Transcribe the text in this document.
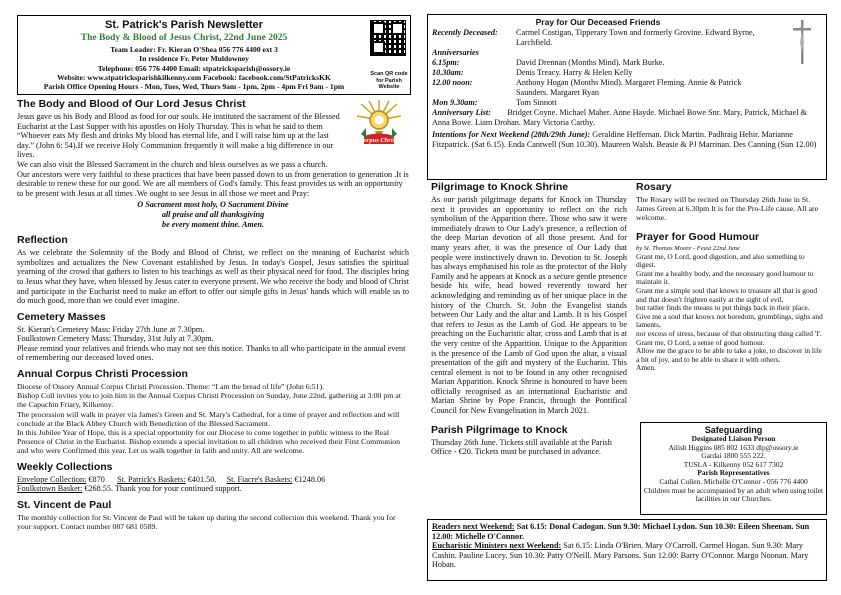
St. Patrick's Parish Newsletter
The Body & Blood of Jesus Christ, 22nd June 2025
Team Leader: Fr. Kieran O'Shea 056 776 4400 ext 3
In residence Fr. Peter Muldowney
Telephone: 056 776 4400 Email: stpatricksparish@ossory.ie
Website: www.stpatricksparishkilkenny.com Facebook: facebook.com/StPatricksKK
Parish Office Opening Hours - Mon, Tues, Wed, Thurs 9am - 1pm, 2pm - 4pm Fri 9am - 1pm
Scan QR code for Parish Website
The Body and Blood of Our Lord Jesus Christ
Corpus Christi

Jesus gave us his Body and Blood as food for our souls. He instituted the sacrament of the Blessed Eucharist at the Last Supper with his apostles on Holy Thursday. This is what he said to them

“Whoever eats My flesh and drinks My blood has eternal life, and I will raise him up at the last day.” (John 6: 54).If we receive Holy Communion frequently it will make a big difference in our lives.

We can also visit the Blessed Sacrament in the church and bless ourselves as we pass a church.

Our ancestors were very faithful to these practices that have been passed down to us from generation to generation .It is desirable to renew these for our good. We are all members of God's family. This feast provides us with an opportunity to be present with Jesus at all times .We ought to see Jesus in all those we meet and Pray:

O Sacrament most holy, O Sacrament Divine

all praise and all thanksgiving

be every moment thine. Amen.

Reflection

As we celebrate the Solemnity of the Body and Blood of Christ, we reflect on the meaning of Eucharist which symbolizes and actualizes the New Covenant established by Jesus. In today's Gospel, Jesus satisfies the spiritual yearning of the crowd that gathers to listen to his teachings as well as their physical need for food. The disciples bring to Jesus what they have, when blessed by Jesus cater to everyone present. We who receive the body and blood of Christ and participate in the Eucharist need to make an effort to offer our simple gifts in Jesus' hands which will enable us to do much good, more than we could ever imagine.

Cemetery Masses

St. Kieran's Cemetery Mass: Friday 27th June at 7.30pm.

Foulkstown Cemetery Mass: Thursday, 31st July at 7.30pm.

Please remind your relatives and friends who may not see this notice. Thanks to all who participate in the annual event of remembering our deceased loved ones.

Annual Corpus Christi Procession

Diocese of Ossory Annual Corpus Christi Procession. Theme: “I am the bread of life” (John 6:51).

Bishop Coll invites you to join him in the Annual Corpus Christi Procession on Sunday, June 22nd, gathering at 3:00 pm at the Capuchin Friary, Kilkenny.

The procession will walk in prayer via James's Green and St. Mary's Cathedral, for a time of prayer and reflection and will conclude at the Black Abbey Church with Benediction of the Blessed Sacrament.

In this Jubilee Year of Hope, this is a special opportunity for our Diocese to come together in public witness to the Real Presence of Christ in the Eucharist. Bishop extends a special invitation to all children who received their First Communion and who were Confirmed this year. Let us walk together in faith and unity. All are welcome.

Weekly Collections

Envelope Collection: €870 St. Patrick's Baskets: €401.50. St. Fiacre's Baskets: €1248.06

Foulkstown Basket: €268.55. Thank you for your continued support.

St. Vincent de Paul

The monthly collection for St. Vincent de Paul will be taken up during the second collection this weekend. Thank you for your support. Contact number 087 681 0589.

Pray for Our Deceased Friends
Recently Deceased: Carmel Costigan, Tipperary Town and formerly Grovine. Edward Byrne, Larchfield.
Anniversaries
6.15pm:	David Drennan (Months Mind). Mark Burke.
10.30am:	Denis Treacy. Harry & Helen Kelly
12.00 noon:	Anthony Hogan (Months Mind). Margaret Fleming. Annie & Patrick Saunders. Margaret Ryan
Mon 9.30am:	Tom Sinnott
Anniversary List: Bridget Coyne. Michael Maher. Anne Hayde. Michael Bowe Snr. Mary, Patrick, Michael & Anna Bowe. Liam Drohan. Mary Victoria Carthy.
Intentions for Next Weekend (28th/29th June): Geraldine Heffernan. Dick Martin. Padhraig Hehir. Marianne Fitzpatrick. (Sat 6.15). Enda Cantwell (Sun 10.30). Maureen Walsh. Beasie & PJ Marrinan. Des Canning (Sun 12.00)
Pilgrimage to Knock Shrine

As our parish pilgrimage departs for Knock on Thursday next it provides an opportunity to reflect on the rich symbolism of the Apparition there. Those who saw it were immediately drawn to Our Lady's presence, a reflection of the deep Marian devotion of all those present. And for many years after, it was the presence of Our Lady that people were instinctively drawn to. Devotion to St. Joseph has always emphasised his role as the protector of the Holy Family and he appears at Knock as a secure gentle presence beside his wife, head bowed reverently toward her acknowledging and reminding us of her unique place in the history of the Church. St. John the Evangelist stands between Our Lady and the altar and Lamb. It is his Gospel that refers to Jesus as the Lamb of God. He appears to be preaching on the Eucharistic altar, cross and Lamb that is at the very centre of the Apparition. Unique to the Apparition is the presence of the Lamb of God upon the altar, a visual presentation of the gift and mystery of the Eucharist. This central element is not to be found in any other recognised Marian Apparition. Knock Shrine is honoured to have been officially recognised as an international Eucharistic and Marian Shrine by Pope Francis, through the Pontifical Council for New Evangelisation in March 2021.

Parish Pilgrimage to Knock

Thursday 26th June. Tickets still available at the Parish Office - €20. Tickets must be purchased in advance.

Rosary

The Rosary will be recited on Thursday 26th June in St. James Green at 6.30pm It is for the Pro-Life cause. All are welcome.

Prayer for Good Humour

by St. Thomas Moore - Feast 22nd June

Grant me, O Lord, good digestion, and also something to digest.

Grant me a healthy body, and the necessary good humour to maintain it.

Grant me a simple soul that knows to treasure all that is good

and that doesn't frighten easily at the sight of evil,

but rather finds the means to put things back in their place.

Give me a soul that knows not boredom, grumblings, sighs and laments,

nor excess of stress, because of that obstructing thing called 'I'.

Grant me, O Lord, a sense of good humour.

Allow me the grace to be able to take a joke, to discover in life a bit of joy, and to be able to share it with others.

Amen.

Safeguarding
Designated Liaison Person
Ailish Higgins 085 802 1633 dlp@ossory.ie
Gardai 1800 555 222.
TUSLA - Kilkenny 052 617 7302
Parish Representatives
Cathal Cullen. Michelle O'Connor - 056 776 4400
Children must be accompanied by an adult when using toilet facilities in our Churches.

Readers next Weekend: Sat 6.15: Donal Cadogan. Sun 9.30: Michael Lydon. Sun 10.30: Eileen Sheenan. Sun 12.00: Michelle O'Connor.

Eucharistic Ministers next Weekend: Sat 6.15: Linda O'Brien. Mary O'Carroll. Carmel Hogan. Sun 9.30: Mary Cashin. Pauline Lucey. Sun 10.30: Patty O'Neill. Mary Parsons. Sun 12.00: Barry O'Connor. Margo Noonan. Mary Hoban.
